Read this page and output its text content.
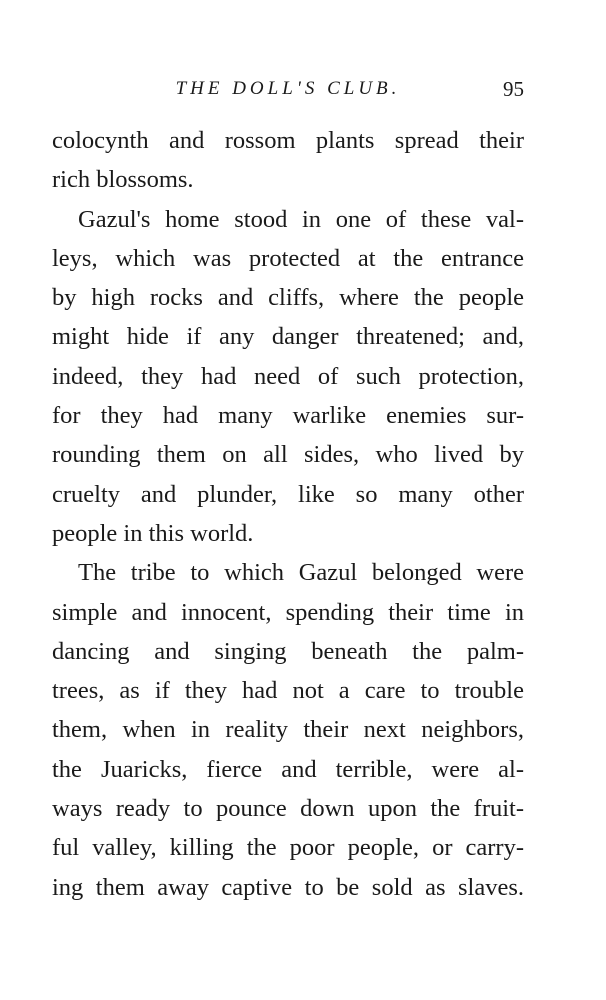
THE DOLL'S CLUB.	95
colocynth and rossom plants spread their
rich blossoms.
Gazul's home stood in one of these val-
leys, which was protected at the entrance
by high rocks and cliffs, where the people
might hide if any danger threatened; and,
indeed, they had need of such protection,
for they had many warlike enemies sur-
rounding them on all sides, who lived by
cruelty and plunder, like so many other
people in this world.
The tribe to which Gazul belonged were
simple and innocent, spending their time in
dancing and singing beneath the palm-
trees, as if they had not a care to trouble
them, when in reality their next neighbors,
the Juaricks, fierce and terrible, were al-
ways ready to pounce down upon the fruit-
ful valley, killing the poor people, or carry-
ing them away captive to be sold as slaves.
